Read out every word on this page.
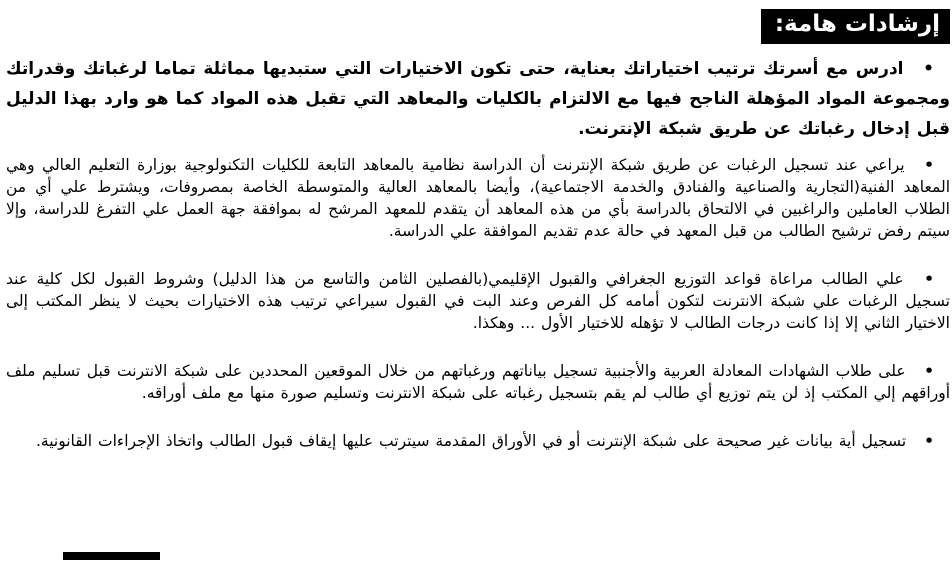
إرشادات هامة:

• ادرس مع أسرتك ترتيب اختياراتك بعناية، حتى تكون الاختيارات التي ستبديها مماثلة تماما لرغباتك وقدراتك ومجموعة المواد المؤهلة الناجح فيها مع الالتزام بالكليات والمعاهد التي تقبل هذه المواد كما هو وارد بهذا الدليل قبل إدخال رغباتك عن طريق شبكة الإنترنت.

• يراعي عند تسجيل الرغبات عن طريق شبكة الإنترنت أن الدراسة نظامية بالمعاهد التابعة للكليات التكنولوجية بوزارة التعليم العالي وهي المعاهد الفنية(التجارية والصناعية والفنادق والخدمة الاجتماعية)، وأيضا بالمعاهد العالية والمتوسطة الخاصة بمصروفات، ويشترط علي أي من الطلاب العاملين والراغبين في الالتحاق بالدراسة بأي من هذه المعاهد أن يتقدم للمعهد المرشح له بموافقة جهة العمل علي التفرغ للدراسة، وإلا سيتم رفض ترشيح الطالب من قبل المعهد في حالة عدم تقديم الموافقة علي الدراسة.

• علي الطالب مراعاة قواعد التوزيع الجغرافي والقبول الإقليمي(بالفصلين الثامن والتاسع من هذا الدليل) وشروط القبول لكل كلية عند تسجيل الرغبات علي شبكة الانترنت لتكون أمامه كل الفرص وعند البت في القبول سيراعي ترتيب هذه الاختيارات بحيث لا ينظر المكتب إلى الاختيار الثاني إلا إذا كانت درجات الطالب لا تؤهله للاختيار الأول ... وهكذا.

• على طلاب الشهادات المعادلة العربية والأجنبية تسجيل بياناتهم ورغباتهم من خلال الموقعين المحددين على شبكة الانترنت قبل تسليم ملف أوراقهم إلي المكتب إذ لن يتم توزيع أي طالب لم يقم بتسجيل رغباته على شبكة الانترنت وتسليم صورة منها مع ملف أوراقه.

• تسجيل أية بيانات غير صحيحة على شبكة الإنترنت أو في الأوراق المقدمة سيترتب عليها إيقاف قبول الطالب واتخاذ الإجراءات القانونية.
